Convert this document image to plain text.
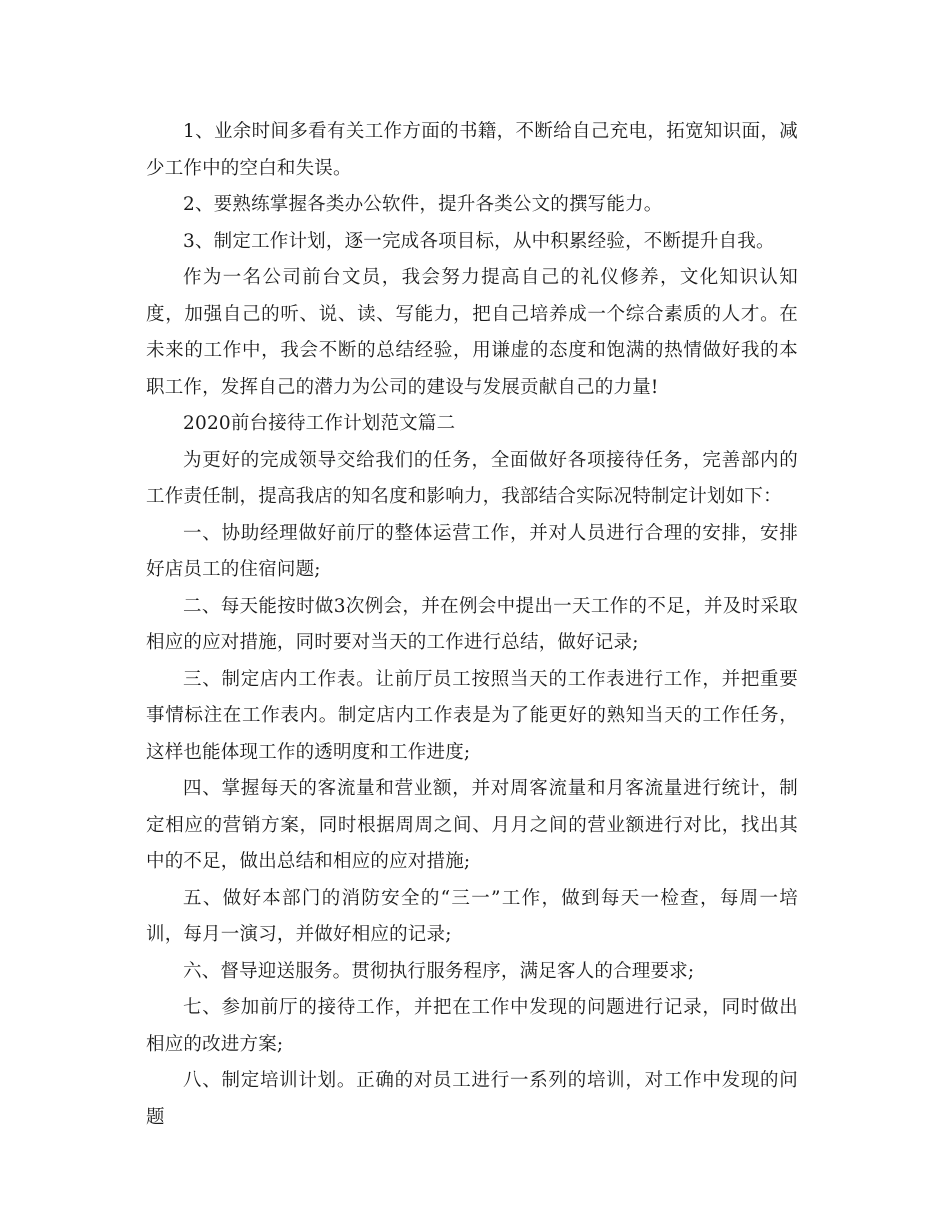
1、业余时间多看有关工作方面的书籍，不断给自己充电，拓宽知识面，减少工作中的空白和失误。

2、要熟练掌握各类办公软件，提升各类公文的撰写能力。

3、制定工作计划，逐一完成各项目标，从中积累经验，不断提升自我。

作为一名公司前台文员，我会努力提高自己的礼仪修养，文化知识认知度，加强自己的听、说、读、写能力，把自己培养成一个综合素质的人才。在未来的工作中，我会不断的总结经验，用谦虚的态度和饱满的热情做好我的本职工作，发挥自己的潜力为公司的建设与发展贡献自己的力量!

2020前台接待工作计划范文篇二

为更好的完成领导交给我们的任务，全面做好各项接待任务，完善部内的工作责任制，提高我店的知名度和影响力，我部结合实际况特制定计划如下：

一、协助经理做好前厅的整体运营工作，并对人员进行合理的安排，安排好店员工的住宿问题;

二、每天能按时做3次例会，并在例会中提出一天工作的不足，并及时采取相应的应对措施，同时要对当天的工作进行总结，做好记录;

三、制定店内工作表。让前厅员工按照当天的工作表进行工作，并把重要事情标注在工作表内。制定店内工作表是为了能更好的熟知当天的工作任务，这样也能体现工作的透明度和工作进度;

四、掌握每天的客流量和营业额，并对周客流量和月客流量进行统计，制定相应的营销方案，同时根据周周之间、月月之间的营业额进行对比，找出其中的不足，做出总结和相应的应对措施;

五、做好本部门的消防安全的“三一”工作，做到每天一检查，每周一培训，每月一演习，并做好相应的记录;

六、督导迎送服务。贯彻执行服务程序，满足客人的合理要求;

七、参加前厅的接待工作，并把在工作中发现的问题进行记录，同时做出相应的改进方案;

八、制定培训计划。正确的对员工进行一系列的培训，对工作中发现的问题
